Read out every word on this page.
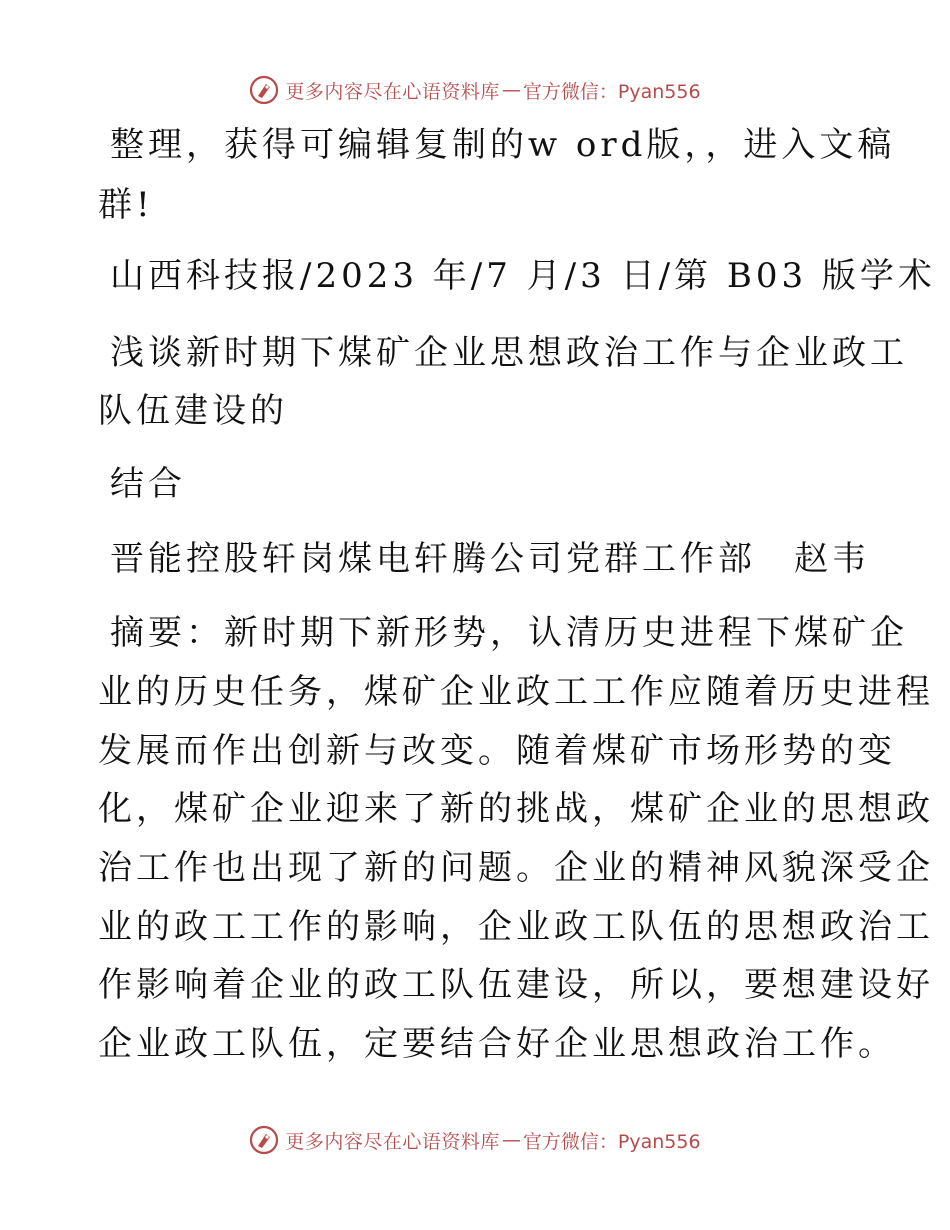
更多内容尽在心语资料库 — 官方微信：Pyan556
整理，获得可编辑复制的w ord版，，进入文稿
群!
山西科技报/2023 年/7 月/3 日/第 B03 版学术
浅谈新时期下煤矿企业思想政治工作与企业政工
队伍建设的
结合
晋能控股轩岗煤电轩腾公司党群工作部　赵韦
摘要：新时期下新形势，认清历史进程下煤矿企
业的历史任务，煤矿企业政工工作应随着历史进程
发展而作出创新与改变。随着煤矿市场形势的变
化，煤矿企业迎来了新的挑战，煤矿企业的思想政
治工作也出现了新的问题。企业的精神风貌深受企
业的政工工作的影响，企业政工队伍的思想政治工
作影响着企业的政工队伍建设，所以，要想建设好
企业政工队伍，定要结合好企业思想政治工作。
更多内容尽在心语资料库 — 官方微信：Pyan556
